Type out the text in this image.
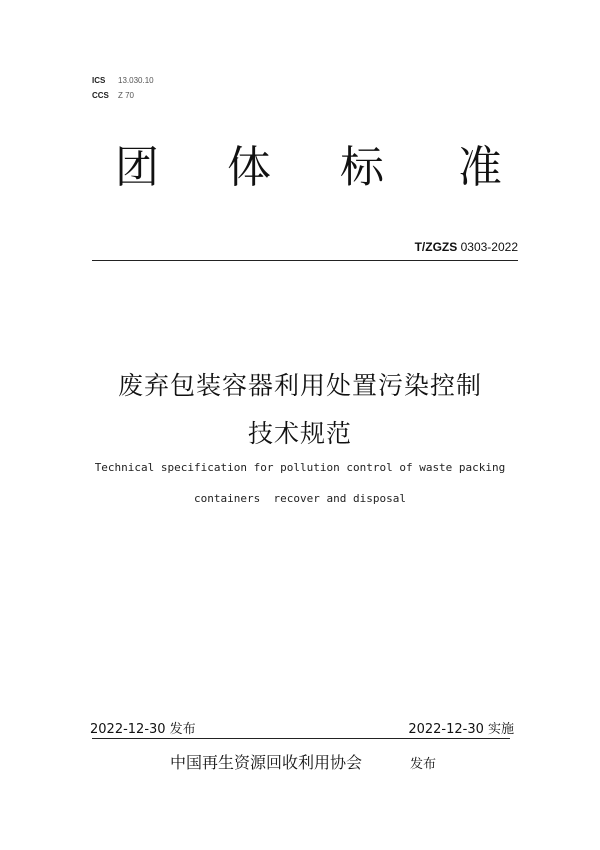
ICS 13.030.10
CCS Z 70
团 体 标 准
T/ZGZS 0303-2022
废弃包装容器利用处置污染控制
技术规范
Technical specification for pollution control of waste packing
containers  recover and disposal
2022-12-30 发布	2022-12-30 实施
中国再生资源回收利用协会	发布
